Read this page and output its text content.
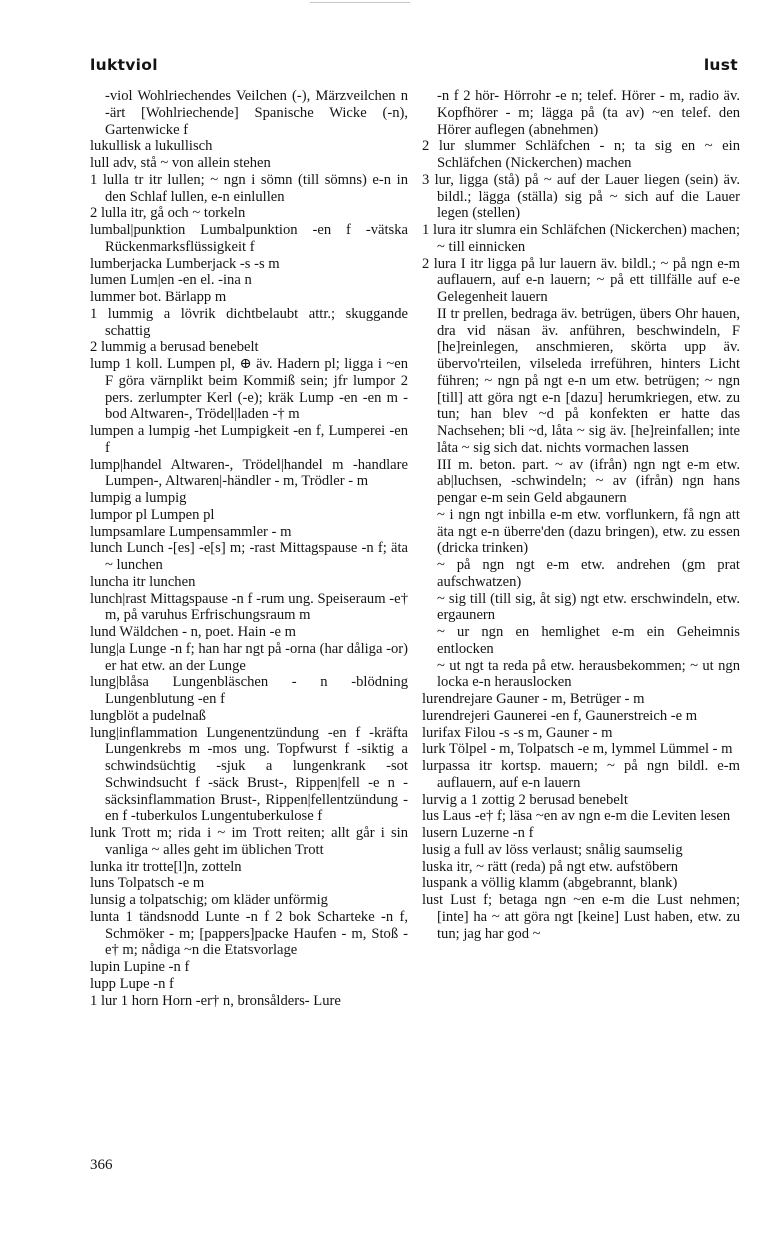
luktviol	lust

-viol Wohlriechendes Veilchen (-), Märzveilchen n -ärt [Wohlriechende] Spanische Wicke (-n), Gartenwicke f

lukullisk a lukullisch

lull adv, stå ~ von allein stehen

1 lulla tr itr lullen; ~ ngn i sömn (till sömns) e-n in den Schlaf lullen, e-n einlullen

2 lulla itr, gå och ~ torkeln

lumbal|punktion Lumbalpunktion -en f -vätska Rückenmarksflüssigkeit f

lumberjacka Lumberjack -s -s m

lumen Lum|en -en el. -ina n

lummer bot. Bärlapp m

1 lummig a lövrik dichtbelaubt attr.; skuggande schattig

2 lummig a berusad benebelt

lump 1 koll. Lumpen pl, ⊕ äv. Hadern pl; ligga i ~en F göra värnplikt beim Kommiß sein; jfr lumpor 2 pers. zerlumpter Kerl (-e); kräk Lump -en -en m -bod Altwaren-, Trödel|laden -† m

lumpen a lumpig -het Lumpigkeit -en f, Lumperei -en f

lump|handel Altwaren-, Trödel|handel m -handlare Lumpen-, Altwaren|-händler - m, Trödler - m

lumpig a lumpig

lumpor pl Lumpen pl

lumpsamlare Lumpensammler - m

lunch Lunch -[es] -e[s] m; -rast Mittagspause -n f; äta ~ lunchen

luncha itr lunchen

lunch|rast Mittagspause -n f -rum ung. Speiseraum -e† m, på varuhus Erfrischungsraum m

lund Wäldchen - n, poet. Hain -e m

lung|a Lunge -n f; han har ngt på -orna (har dåliga -or) er hat etw. an der Lunge

lung|blåsa Lungenbläschen - n -blödning Lungenblutung -en f

lungblöt a pudelnaß

lung|inflammation Lungenentzündung -en f -kräfta Lungenkrebs m -mos ung. Topfwurst f -siktig a schwindsüchtig -sjuk a lungenkrank -sot Schwindsucht f -säck Brust-, Rippen|fell -e n -säcksinflammation Brust-, Rippen|fellentzündung -en f -tuberkulos Lungentuberkulose f

lunk Trott m; rida i ~ im Trott reiten; allt går i sin vanliga ~ alles geht im üblichen Trott

lunka itr trotte[l]n, zotteln

luns Tolpatsch -e m

lunsig a tolpatschig; om kläder unförmig

lunta 1 tändsnodd Lunte -n f 2 bok Scharteke -n f, Schmöker - m; [pappers]packe Haufen - m, Stoß -e† m; nådiga ~n die Etatsvorlage

lupin Lupine -n f

lupp Lupe -n f

1 lur 1 horn Horn -er† n, bronsålders- Lure

-n f 2 hör- Hörrohr -e n; telef. Hörer - m, radio äv. Kopfhörer - m; lägga på (ta av) ~en telef. den Hörer auflegen (abnehmen)

2 lur slummer Schläfchen - n; ta sig en ~ ein Schläfchen (Nickerchen) machen

3 lur, ligga (stå) på ~ auf der Lauer liegen (sein) äv. bildl.; lägga (ställa) sig på ~ sich auf die Lauer legen (stellen)

1 lura itr slumra ein Schläfchen (Nickerchen) machen; ~ till einnicken

2 lura I itr ligga på lur lauern äv. bildl.; ~ på ngn e-m auflauern, auf e-n lauern; ~ på ett tillfälle auf e-e Gelegenheit lauern

II tr prellen, bedraga äv. betrügen, übers Ohr hauen, dra vid näsan äv. anführen, beschwindeln, F [he]reinlegen, anschmieren, skörta upp äv. übervo'rteilen, vilseleda irreführen, hinters Licht führen; ~ ngn på ngt e-n um etw. betrügen; ~ ngn [till] att göra ngt e-n [dazu] herumkriegen, etw. zu tun; han blev ~d på konfekten er hatte das Nachsehen; bli ~d, låta ~ sig äv. [he]reinfallen; inte låta ~ sig sich dat. nichts vormachen lassen

III m. beton. part. ~ av (ifrån) ngn ngt e-m etw. ab|luchsen, -schwindeln; ~ av (ifrån) ngn hans pengar e-m sein Geld abgaunern

~ i ngn ngt inbilla e-m etw. vorflunkern, få ngn att äta ngt e-n überre'den (dazu bringen), etw. zu essen (dricka trinken)

~ på ngn ngt e-m etw. andrehen (gm prat aufschwatzen)

~ sig till (till sig, åt sig) ngt etw. erschwindeln, etw. ergaunern

~ ur ngn en hemlighet e-m ein Geheimnis entlocken

~ ut ngt ta reda på etw. herausbekommen; ~ ut ngn locka e-n herauslocken

lurendrejare Gauner - m, Betrüger - m

lurendrejeri Gaunerei -en f, Gaunerstreich -e m

lurifax Filou -s -s m, Gauner - m

lurk Tölpel - m, Tolpatsch -e m, lymmel Lümmel - m

lurpassa itr kortsp. mauern; ~ på ngn bildl. e-m auflauern, auf e-n lauern

lurvig a 1 zottig 2 berusad benebelt

lus Laus -e† f; läsa ~en av ngn e-m die Leviten lesen

lusern Luzerne -n f

lusig a full av löss verlaust; snålig saumselig

luska itr, ~ rätt (reda) på ngt etw. aufstöbern

luspank a völlig klamm (abgebrannt, blank)

lust Lust f; betaga ngn ~en e-m die Lust nehmen; [inte] ha ~ att göra ngt [keine] Lust haben, etw. zu tun; jag har god ~

366
